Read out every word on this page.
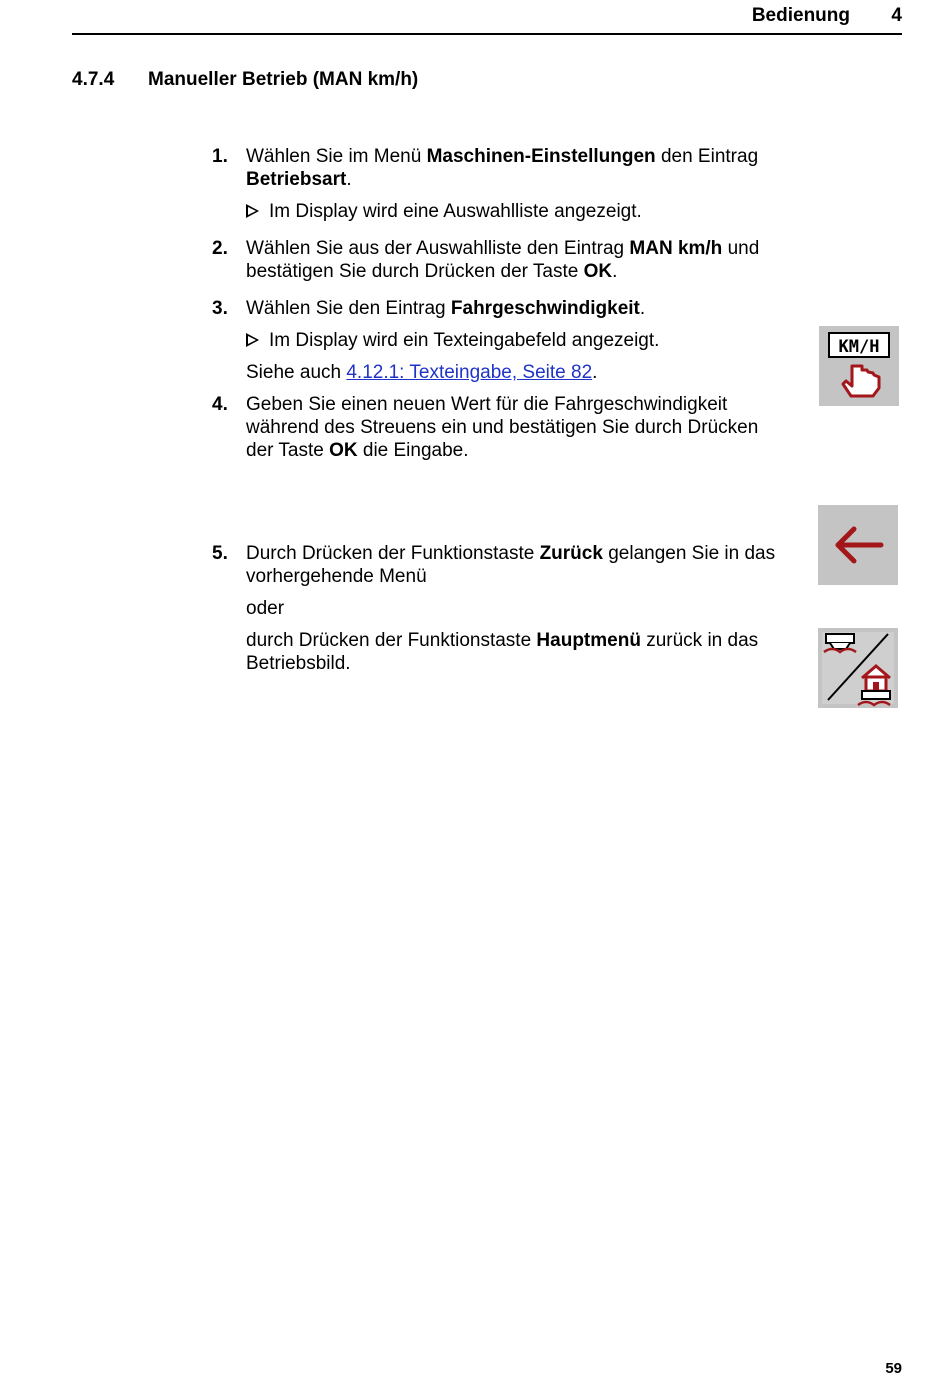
Bedienung	4
4.7.4 Manueller Betrieb (MAN km/h)
1. Wählen Sie im Menü Maschinen-Einstellungen den Eintrag Betriebsart.
Im Display wird eine Auswahlliste angezeigt.
2. Wählen Sie aus der Auswahlliste den Eintrag MAN km/h und bestätigen Sie durch Drücken der Taste OK.
3. Wählen Sie den Eintrag Fahrgeschwindigkeit.
Im Display wird ein Texteingabefeld angezeigt.
Siehe auch 4.12.1: Texteingabe, Seite 82.
4. Geben Sie einen neuen Wert für die Fahrgeschwindigkeit während des Streuens ein und bestätigen Sie durch Drücken der Taste OK die Eingabe.
5. Durch Drücken der Funktionstaste Zurück gelangen Sie in das vorhergehende Menü
oder
durch Drücken der Funktionstaste Hauptmenü zurück in das Betriebsbild.
KM/H
59
